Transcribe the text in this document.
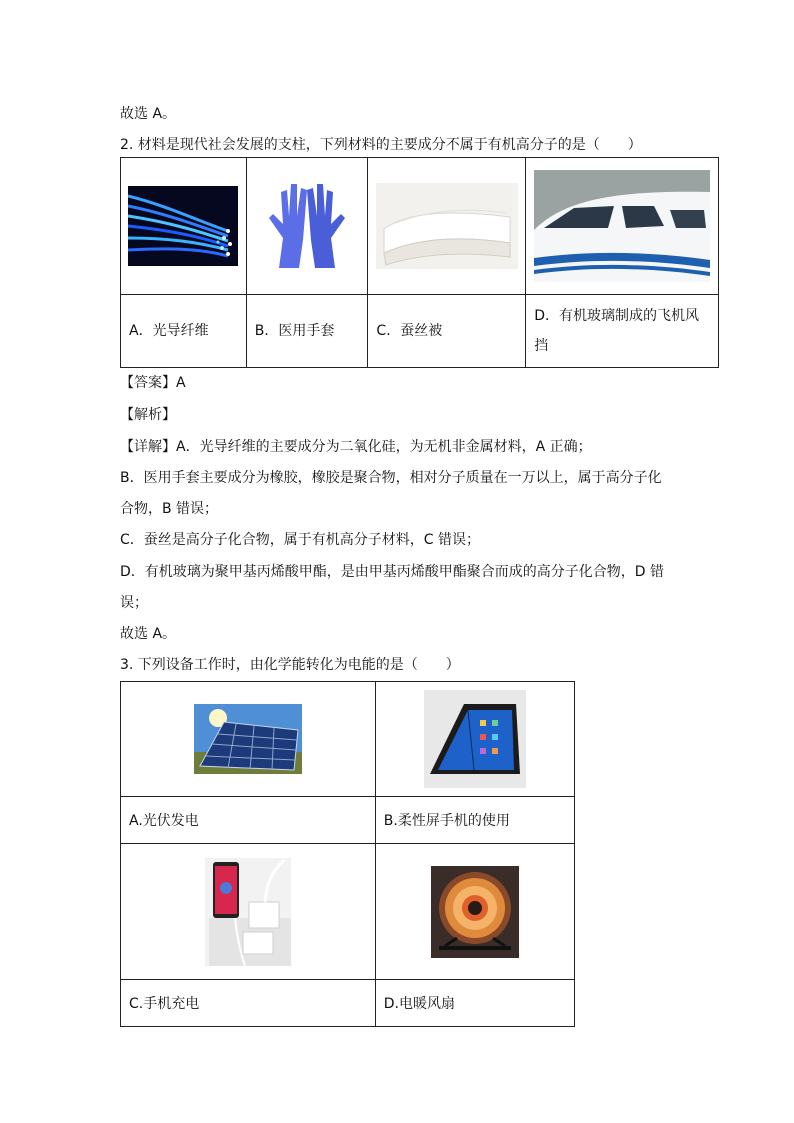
故选 A。
2. 材料是现代社会发展的支柱，下列材料的主要成分不属于有机高分子的是（　　）

A．光导纤维	B．医用手套	C．蚕丝被	D．有机玻璃制成的飞机风
挡
【答案】A
【解析】
【详解】A．光导纤维的主要成分为二氧化硅，为无机非金属材料，A 正确；
B．医用手套主要成分为橡胶，橡胶是聚合物，相对分子质量在一万以上，属于高分子化
合物，B 错误；
C．蚕丝是高分子化合物，属于有机高分子材料，C 错误；
D．有机玻璃为聚甲基丙烯酸甲酯，是由甲基丙烯酸甲酯聚合而成的高分子化合物，D 错
误；
故选 A。
3. 下列设备工作时，由化学能转化为电能的是（　　）

A.光伏发电	B.柔性屏手机的使用

C.手机充电	D.电暖风扇
